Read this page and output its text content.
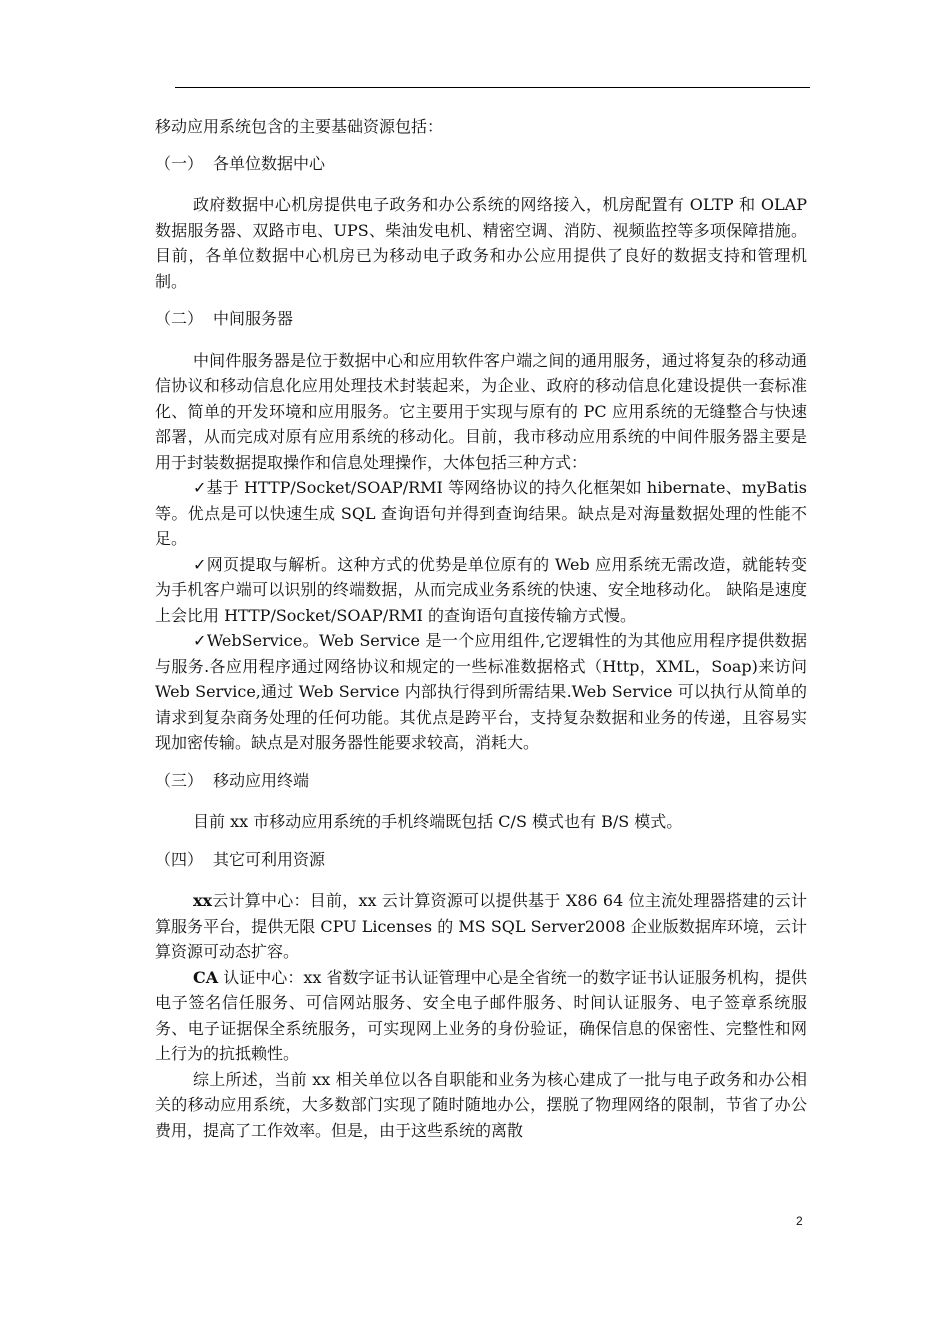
移动应用系统包含的主要基础资源包括：

（一） 各单位数据中心

政府数据中心机房提供电子政务和办公系统的网络接入，机房配置有 OLTP 和 OLAP 数据服务器、双路市电、UPS、柴油发电机、精密空调、消防、视频监控等多项保障措施。目前，各单位数据中心机房已为移动电子政务和办公应用提供了良好的数据支持和管理机制。

（二） 中间服务器

中间件服务器是位于数据中心和应用软件客户端之间的通用服务，通过将复杂的移动通信协议和移动信息化应用处理技术封装起来，为企业、政府的移动信息化建设提供一套标准化、简单的开发环境和应用服务。它主要用于实现与原有的 PC 应用系统的无缝整合与快速部署，从而完成对原有应用系统的移动化。目前，我市移动应用系统的中间件服务器主要是用于封装数据提取操作和信息处理操作，大体包括三种方式：

✓基于 HTTP/Socket/SOAP/RMI 等网络协议的持久化框架如 hibernate、myBatis 等。优点是可以快速生成 SQL 查询语句并得到查询结果。缺点是对海量数据处理的性能不足。

✓网页提取与解析。这种方式的优势是单位原有的 Web 应用系统无需改造，就能转变为手机客户端可以识别的终端数据，从而完成业务系统的快速、安全地移动化。 缺陷是速度上会比用 HTTP/Socket/SOAP/RMI 的查询语句直接传输方式慢。

✓WebService。Web Service 是一个应用组件,它逻辑性的为其他应用程序提供数据与服务.各应用程序通过网络协议和规定的一些标准数据格式（Http，XML，Soap)来访问 Web Service,通过 Web Service 内部执行得到所需结果.Web Service 可以执行从简单的请求到复杂商务处理的任何功能。其优点是跨平台，支持复杂数据和业务的传递，且容易实现加密传输。缺点是对服务器性能要求较高，消耗大。

（三） 移动应用终端

目前 xx 市移动应用系统的手机终端既包括 C/S 模式也有 B/S 模式。

（四） 其它可利用资源

xx云计算中心：目前，xx 云计算资源可以提供基于 X86 64 位主流处理器搭建的云计算服务平台，提供无限 CPU Licenses 的 MS SQL Server2008 企业版数据库环境，云计算资源可动态扩容。

CA 认证中心：xx 省数字证书认证管理中心是全省统一的数字证书认证服务机构，提供电子签名信任服务、可信网站服务、安全电子邮件服务、时间认证服务、电子签章系统服务、电子证据保全系统服务，可实现网上业务的身份验证，确保信息的保密性、完整性和网上行为的抗抵赖性。

综上所述，当前 xx 相关单位以各自职能和业务为核心建成了一批与电子政务和办公相关的移动应用系统，大多数部门实现了随时随地办公，摆脱了物理网络的限制，节省了办公费用，提高了工作效率。但是，由于这些系统的离散

2
